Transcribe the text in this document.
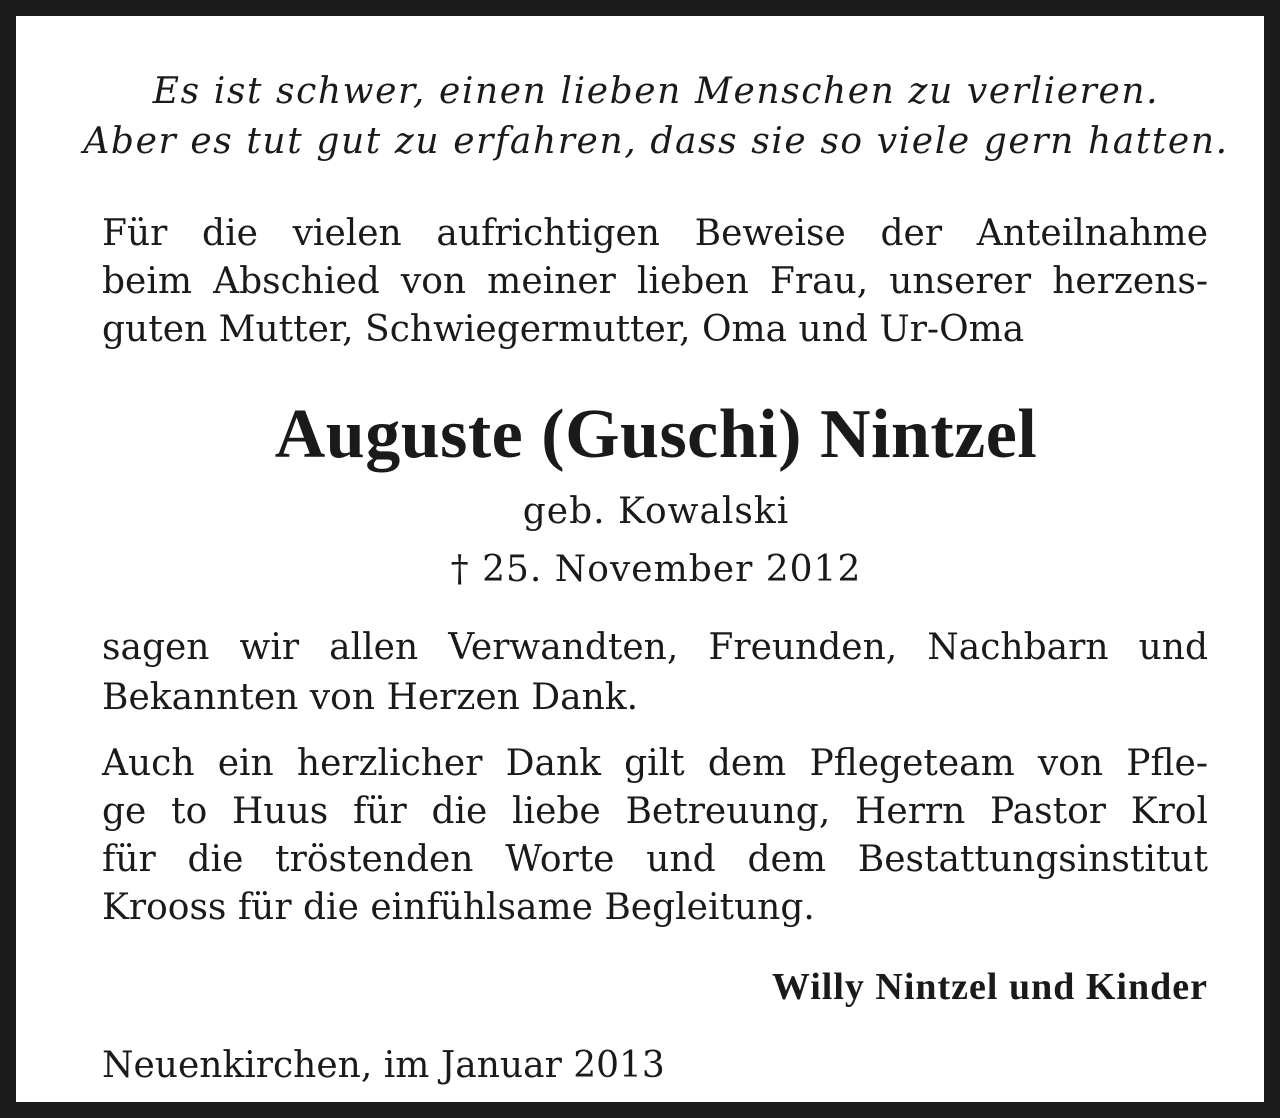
Es ist schwer, einen lieben Menschen zu verlieren.

Aber es tut gut zu erfahren, dass sie so viele gern hatten.

Für die vielen aufrichtigen Beweise der Anteilnahme

beim Abschied von meiner lieben Frau, unserer herzens-

guten Mutter, Schwiegermutter, Oma und Ur-Oma

Auguste (Guschi) Nintzel

geb. Kowalski

† 25. November 2012

sagen wir allen Verwandten, Freunden, Nachbarn und

Bekannten von Herzen Dank.

Auch ein herzlicher Dank gilt dem Pflegeteam von Pfle-

ge to Huus für die liebe Betreuung, Herrn Pastor Krol

für die tröstenden Worte und dem Bestattungsinstitut

Krooss für die einfühlsame Begleitung.

Willy Nintzel und Kinder

Neuenkirchen, im Januar 2013
